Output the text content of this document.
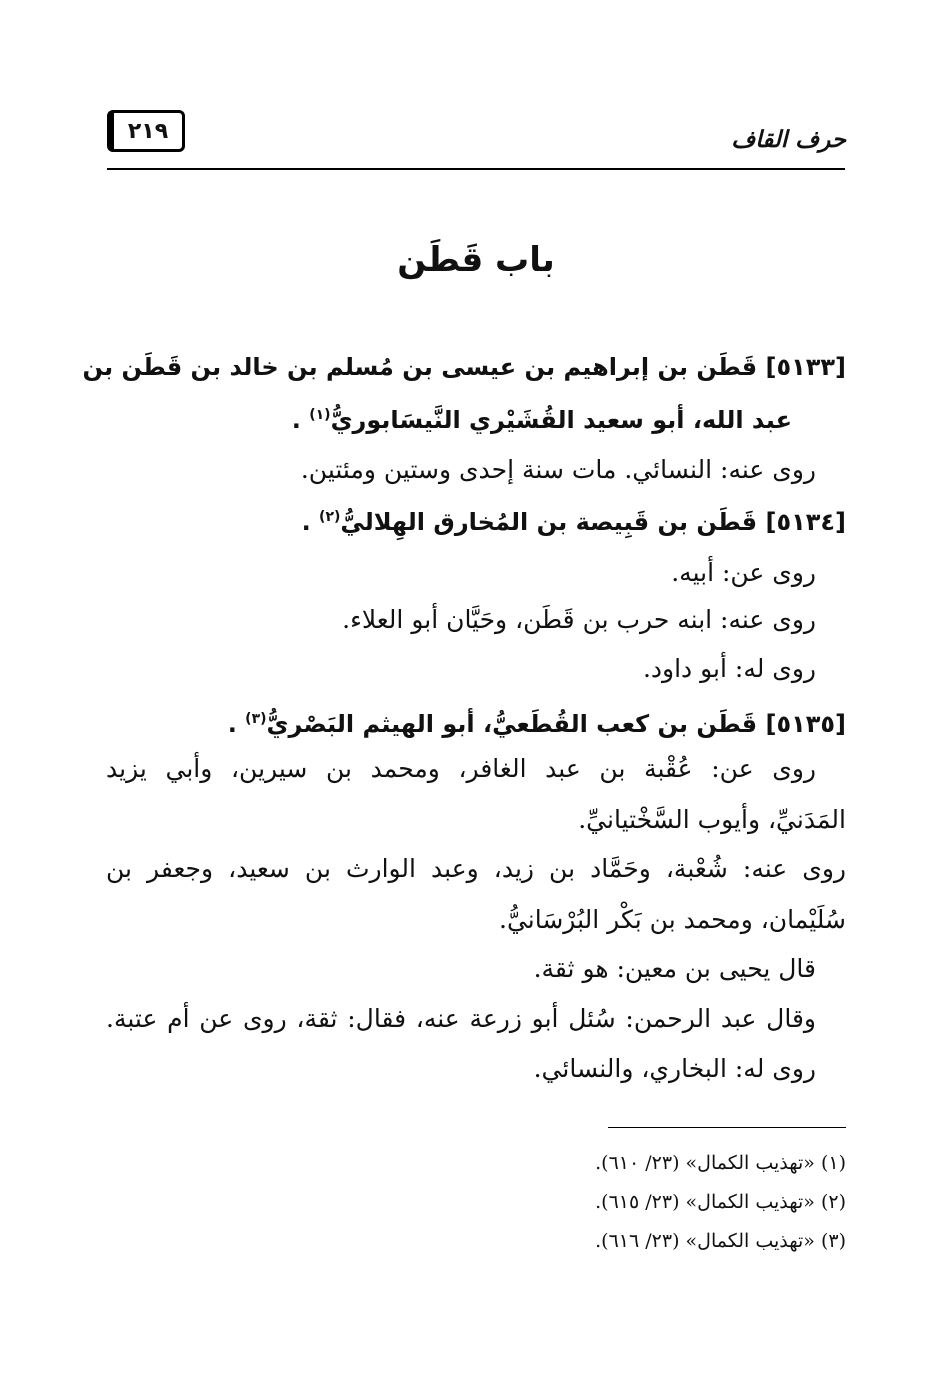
حرف القاف
٢١٩
باب قَطَن
[٥١٣٣] قَطَن بن إبراهيم بن عيسى بن مُسلم بن خالد بن قَطَن بن
عبد الله، أبو سعيد القُشَيْري النَّيسَابوريُّ$^{(١)}$ .
روى عنه: النسائي. مات سنة إحدى وستين ومئتين.
[٥١٣٤] قَطَن بن قَبِيصة بن المُخارق الهِلاليُّ$^{(٢)}$ .
روى عن: أبيه.
روى عنه: ابنه حرب بن قَطَن، وحَيَّان أبو العلاء.
روى له: أبو داود.
[٥١٣٥] قَطَن بن كعب القُطَعيُّ، أبو الهيثم البَصْريُّ$^{(٣)}$ .
روى عن: عُقْبة بن عبد الغافر، ومحمد بن سيرين، وأبي يزيد
المَدَنيِّ، وأيوب السَّخْتيانيِّ.
روى عنه: شُعْبة، وحَمَّاد بن زيد، وعبد الوارث بن سعيد، وجعفر بن
سُلَيْمان، ومحمد بن بَكْر البُرْسَانيُّ.
قال يحيى بن معين: هو ثقة.
وقال عبد الرحمن: سُئل أبو زرعة عنه، فقال: ثقة، روى عن أم عتبة.
روى له: البخاري، والنسائي.
(١) «تهذيب الكمال» (٢٣/ ٦١٠).
(٢) «تهذيب الكمال» (٢٣/ ٦١٥).
(٣) «تهذيب الكمال» (٢٣/ ٦١٦).
